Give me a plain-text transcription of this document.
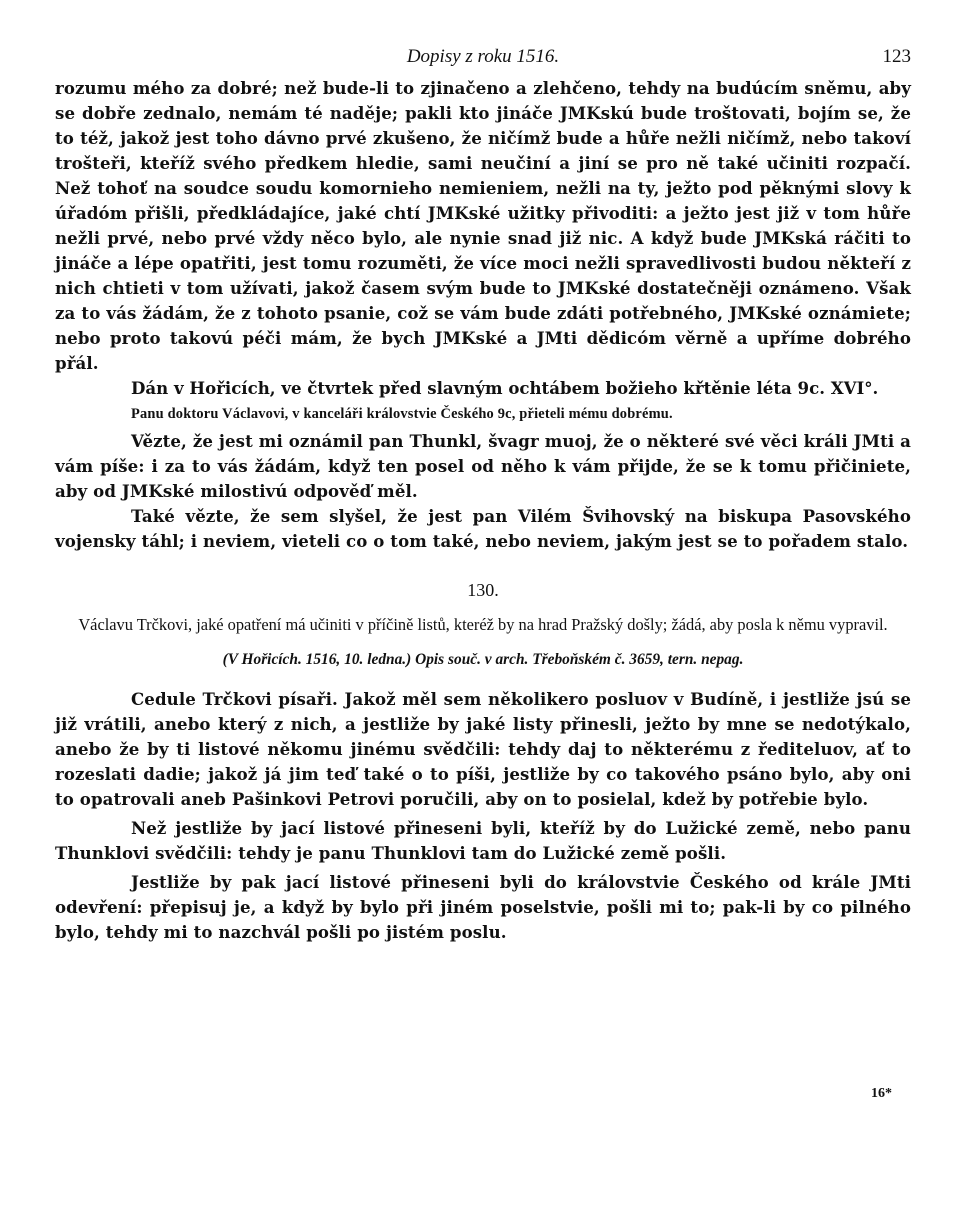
Dopisy z roku 1516.	123

rozumu mého za dobré; než bude-li to zjinačeno a zlehčeno, tehdy na budúcím sněmu, aby se dobře zednalo, nemám té naděje; pakli kto jináče JMKskú bude troštovati, bojím se, že to též, jakož jest toho dávno prvé zkušeno, že ničímž bude a hůře nežli ničímž, nebo takoví trošteři, kteříž svého předkem hledie, sami neučiní a jiní se pro ně také učiniti rozpačí. Než tohoť na soudce soudu komornieho nemieniem, nežli na ty, ježto pod pěknými slovy k úřadóm přišli, předkládajíce, jaké chtí JMKské užitky přivoditi: a ježto jest již v tom hůře nežli prvé, nebo prvé vždy něco bylo, ale nynie snad již nic. A když bude JMKská ráčiti to jináče a lépe opatřiti, jest tomu rozuměti, že více moci nežli spravedlivosti budou někteří z nich chtieti v tom užívati, jakož časem svým bude to JMKské dostatečněji oznámeno. Však za to vás žádám, že z tohoto psanie, což se vám bude zdáti potřebného, JMKské oznámiete; nebo proto takovú péči mám, že bych JMKské a JMti dědicóm věrně a upříme dobrého přál.

Dán v Hořicích, ve čtvrtek před slavným ochtábem božieho křtěnie léta 9c. XVI°.

Panu doktoru Václavovi, v kanceláři královstvie Českého 9c, přieteli mému dobrému.

Vězte, že jest mi oznámil pan Thunkl, švagr muoj, že o některé své věci králi JMti a vám píše: i za to vás žádám, když ten posel od něho k vám přijde, že se k tomu přičiniete, aby od JMKské milostivú odpověď měl.

Také vězte, že sem slyšel, že jest pan Vilém Švihovský na biskupa Pasovského vojensky táhl; i neviem, vieteli co o tom také, nebo neviem, jakým jest se to pořadem stalo.

130.

Václavu Trčkovi, jaké opatření má učiniti v příčině listů, kteréž by na hrad Pražský došly; žádá, aby posla k němu vypravil.

(V Hořicích. 1516, 10. ledna.) Opis souč. v arch. Třeboňském č. 3659, tern. nepag.

Cedule Trčkovi písaři. Jakož měl sem několikero posluov v Budíně, i jestliže jsú se již vrátili, anebo který z nich, a jestliže by jaké listy přinesli, ježto by mne se nedotýkalo, anebo že by ti listové někomu jinému svědčili: tehdy daj to některému z řediteluov, ať to rozeslati dadie; jakož já jim teď také o to píši, jestliže by co takového psáno bylo, aby oni to opatrovali aneb Pašinkovi Petrovi poručili, aby on to posielal, kdež by potřebie bylo.

Než jestliže by jací listové přineseni byli, kteříž by do Lužické země, nebo panu Thunklovi svědčili: tehdy je panu Thunklovi tam do Lužické země pošli.

Jestliže by pak jací listové přineseni byli do královstvie Českého od krále JMti odevření: přepisuj je, a když by bylo při jiném poselstvie, pošli mi to; pak-li by co pilného bylo, tehdy mi to nazchvál pošli po jistém poslu.

16*
